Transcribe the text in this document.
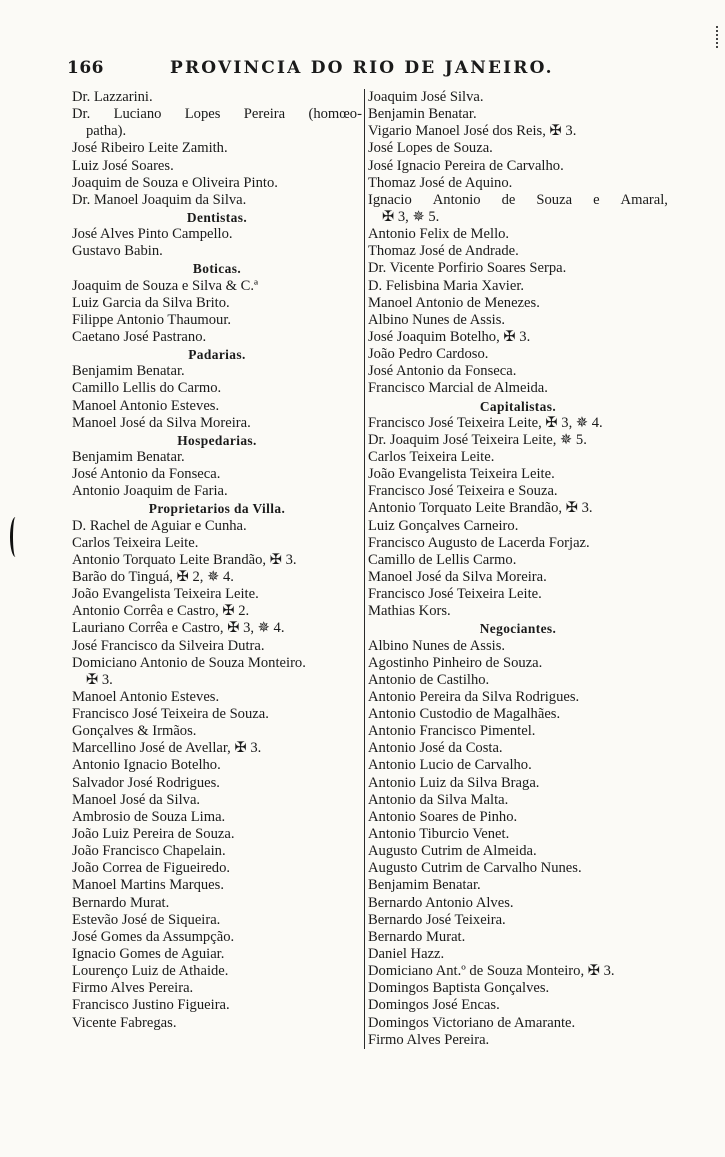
166	PROVINCIA DO RIO DE JANEIRO.
Dr. Lazzarini.
Dr. Luciano Lopes Pereira (homœo-
patha).
José Ribeiro Leite Zamith.
Luiz José Soares.
Joaquim de Souza e Oliveira Pinto.
Dr. Manoel Joaquim da Silva.
Dentistas.
José Alves Pinto Campello.
Gustavo Babin.
Boticas.
Joaquim de Souza e Silva & C.ª
Luiz Garcia da Silva Brito.
Filippe Antonio Thaumour.
Caetano José Pastrano.
Padarias.
Benjamim Benatar.
Camillo Lellis do Carmo.
Manoel Antonio Esteves.
Manoel José da Silva Moreira.
Hospedarias.
Benjamim Benatar.
José Antonio da Fonseca.
Antonio Joaquim de Faria.
Proprietarios da Villa.
D. Rachel de Aguiar e Cunha.
Carlos Teixeira Leite.
Antonio Torquato Leite Brandão, ✠ 3.
Barão do Tinguá, ✠ 2, ✵ 4.
João Evangelista Teixeira Leite.
Antonio Corrêa e Castro, ✠ 2.
Lauriano Corrêa e Castro, ✠ 3, ✵ 4.
José Francisco da Silveira Dutra.
Domiciano Antonio de Souza Monteiro.
✠ 3.
Manoel Antonio Esteves.
Francisco José Teixeira de Souza.
Gonçalves & Irmãos.
Marcellino José de Avellar, ✠ 3.
Antonio Ignacio Botelho.
Salvador José Rodrigues.
Manoel José da Silva.
Ambrosio de Souza Lima.
João Luiz Pereira de Souza.
João Francisco Chapelain.
João Correa de Figueiredo.
Manoel Martins Marques.
Bernardo Murat.
Estevão José de Siqueira.
José Gomes da Assumpção.
Ignacio Gomes de Aguiar.
Lourenço Luiz de Athaide.
Firmo Alves Pereira.
Francisco Justino Figueira.
Vicente Fabregas.
Joaquim José Silva.
Benjamin Benatar.
Vigario Manoel José dos Reis, ✠ 3.
José Lopes de Souza.
José Ignacio Pereira de Carvalho.
Thomaz José de Aquino.
Ignacio Antonio de Souza e Amaral,
✠ 3, ✵ 5.
Antonio Felix de Mello.
Thomaz José de Andrade.
Dr. Vicente Porfirio Soares Serpa.
D. Felisbina Maria Xavier.
Manoel Antonio de Menezes.
Albino Nunes de Assis.
José Joaquim Botelho, ✠ 3.
João Pedro Cardoso.
José Antonio da Fonseca.
Francisco Marcial de Almeida.
Capitalistas.
Francisco José Teixeira Leite, ✠ 3, ✵ 4.
Dr. Joaquim José Teixeira Leite, ✵ 5.
Carlos Teixeira Leite.
João Evangelista Teixeira Leite.
Francisco José Teixeira e Souza.
Antonio Torquato Leite Brandão, ✠ 3.
Luiz Gonçalves Carneiro.
Francisco Augusto de Lacerda Forjaz.
Camillo de Lellis Carmo.
Manoel José da Silva Moreira.
Francisco José Teixeira Leite.
Mathias Kors.
Negociantes.
Albino Nunes de Assis.
Agostinho Pinheiro de Souza.
Antonio de Castilho.
Antonio Pereira da Silva Rodrigues.
Antonio Custodio de Magalhães.
Antonio Francisco Pimentel.
Antonio José da Costa.
Antonio Lucio de Carvalho.
Antonio Luiz da Silva Braga.
Antonio da Silva Malta.
Antonio Soares de Pinho.
Antonio Tiburcio Venet.
Augusto Cutrim de Almeida.
Augusto Cutrim de Carvalho Nunes.
Benjamim Benatar.
Bernardo Antonio Alves.
Bernardo José Teixeira.
Bernardo Murat.
Daniel Hazz.
Domiciano Ant.º de Souza Monteiro, ✠ 3.
Domingos Baptista Gonçalves.
Domingos José Encas.
Domingos Victoriano de Amarante.
Firmo Alves Pereira.
